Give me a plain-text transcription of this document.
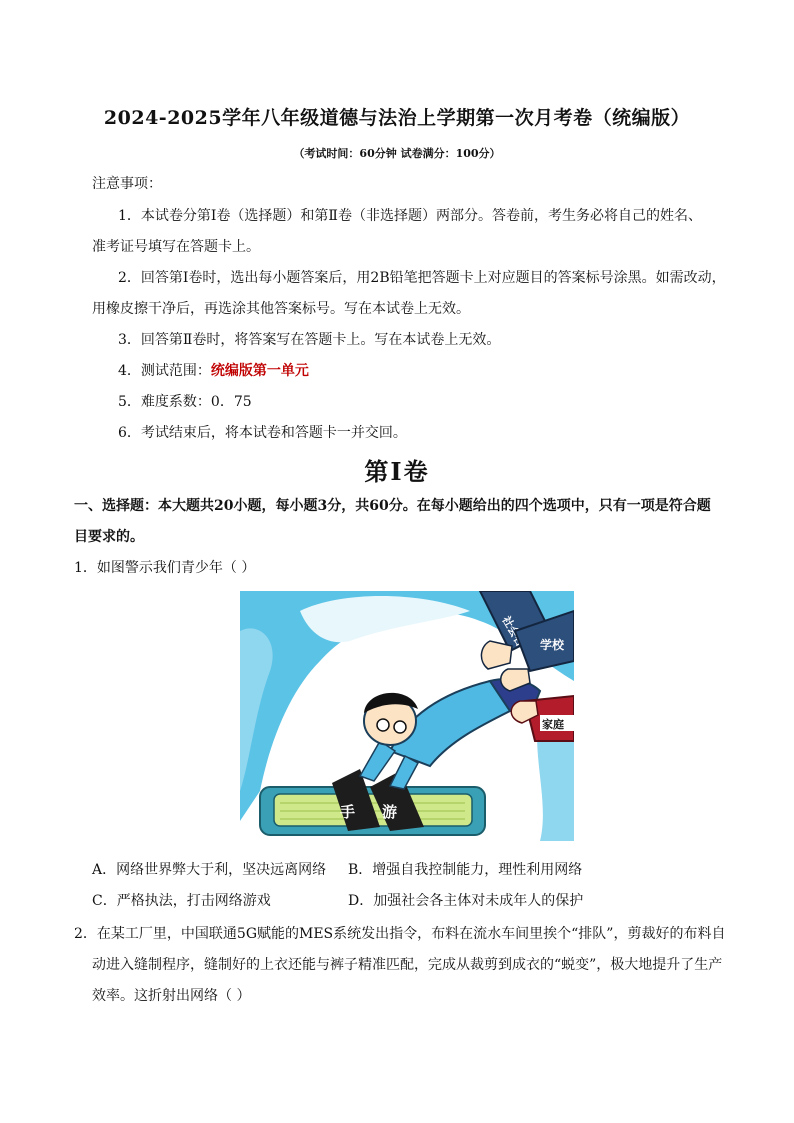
2024-2025学年八年级道德与法治上学期第一次月考卷（统编版）
（考试时间：60分钟 试卷满分：100分）
注意事项：
1．本试卷分第Ⅰ卷（选择题）和第Ⅱ卷（非选择题）两部分。答卷前，考生务必将自己的姓名、
准考证号填写在答题卡上。
2．回答第Ⅰ卷时，选出每小题答案后，用2B铅笔把答题卡上对应题目的答案标号涂黑。如需改动，
用橡皮擦干净后，再选涂其他答案标号。写在本试卷上无效。
3．回答第Ⅱ卷时，将答案写在答题卡上。写在本试卷上无效。
4．测试范围：统编版第一单元
5．难度系数：0．75
6．考试结束后，将本试卷和答题卡一并交回。
第Ⅰ卷
一、选择题：本大题共20小题，每小题3分，共60分。在每小题给出的四个选项中，只有一项是符合题
目要求的。
1．如图警示我们青少年（ ）
手 游
学校
家庭
A．网络世界弊大于利，坚决远离网络 B．增强自我控制能力，理性利用网络
C．严格执法，打击网络游戏	D．加强社会各主体对未成年人的保护
2．在某工厂里，中国联通5G赋能的MES系统发出指令，布料在流水车间里挨个“排队”，剪裁好的布料自
动进入缝制程序，缝制好的上衣还能与裤子精准匹配，完成从裁剪到成衣的“蜕变”，极大地提升了生产
效率。这折射出网络（ ）
